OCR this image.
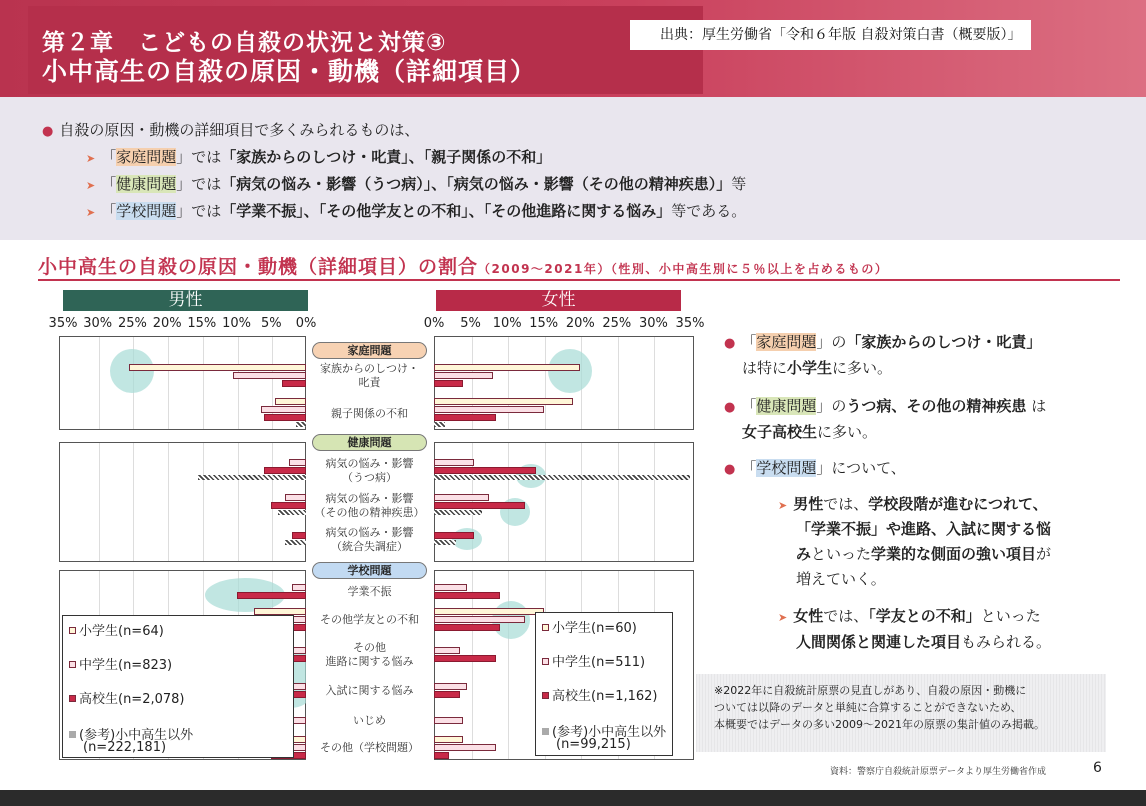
第２章　こどもの自殺の状況と対策③
小中高生の自殺の原因・動機（詳細項目）
出典：厚生労働省「令和６年版 自殺対策白書（概要版）」
● 自殺の原因・動機の詳細項目で多くみられるものは、
➤ 「家庭問題」では「家族からのしつけ・叱責」、「親子関係の不和」
➤ 「健康問題」では「病気の悩み・影響（うつ病）」、「病気の悩み・影響（その他の精神疾患）」等
➤ 「学校問題」では「学業不振」、「その他学友との不和」、「その他進路に関する悩み」等である。
小中高生の自殺の原因・動機（詳細項目）の割合（2009～2021年）（性別、小中高生別に５％以上を占めるもの）
男性	女性
35% 30% 25% 20% 15% 10% 5% 0%	0% 5% 10% 15% 20% 25% 30% 35%
小学生(n=64)
中学生(n=823)
高校生(n=2,078)
(参考)小中高生以外
(n=222,181)
小学生(n=60)
中学生(n=511)
高校生(n=1,162)
(参考)小中高生以外
(n=99,215)
● 「家庭問題」の「家族からのしつけ・叱責」
は特に小学生に多い。
● 「健康問題」のうつ病、その他の精神疾患 は
女子高校生に多い。
● 「学校問題」について、
➤ 男性では、学校段階が進むにつれて、
「学業不振」や進路、入試に関する悩
みといった学業的な側面の強い項目が
増えていく。
➤ 女性では、「学友との不和」といった
人間関係と関連した項目もみられる。
※2022年に自殺統計原票の見直しがあり、自殺の原因・動機に
ついては以降のデータと単純に合算することができないため、
本概要ではデータの多い2009～2021年の原票の集計値のみ掲載。
資料：警察庁自殺統計原票データより厚生労働省作成	6
家庭問題
健康問題
学校問題
家族からのしつけ・
叱責
親子関係の不和
病気の悩み・影響
（うつ病）
病気の悩み・影響
（その他の精神疾患）
病気の悩み・影響
（統合失調症）
学業不振
その他学友との不和
その他
進路に関する悩み
入試に関する悩み
いじめ
その他（学校問題）
